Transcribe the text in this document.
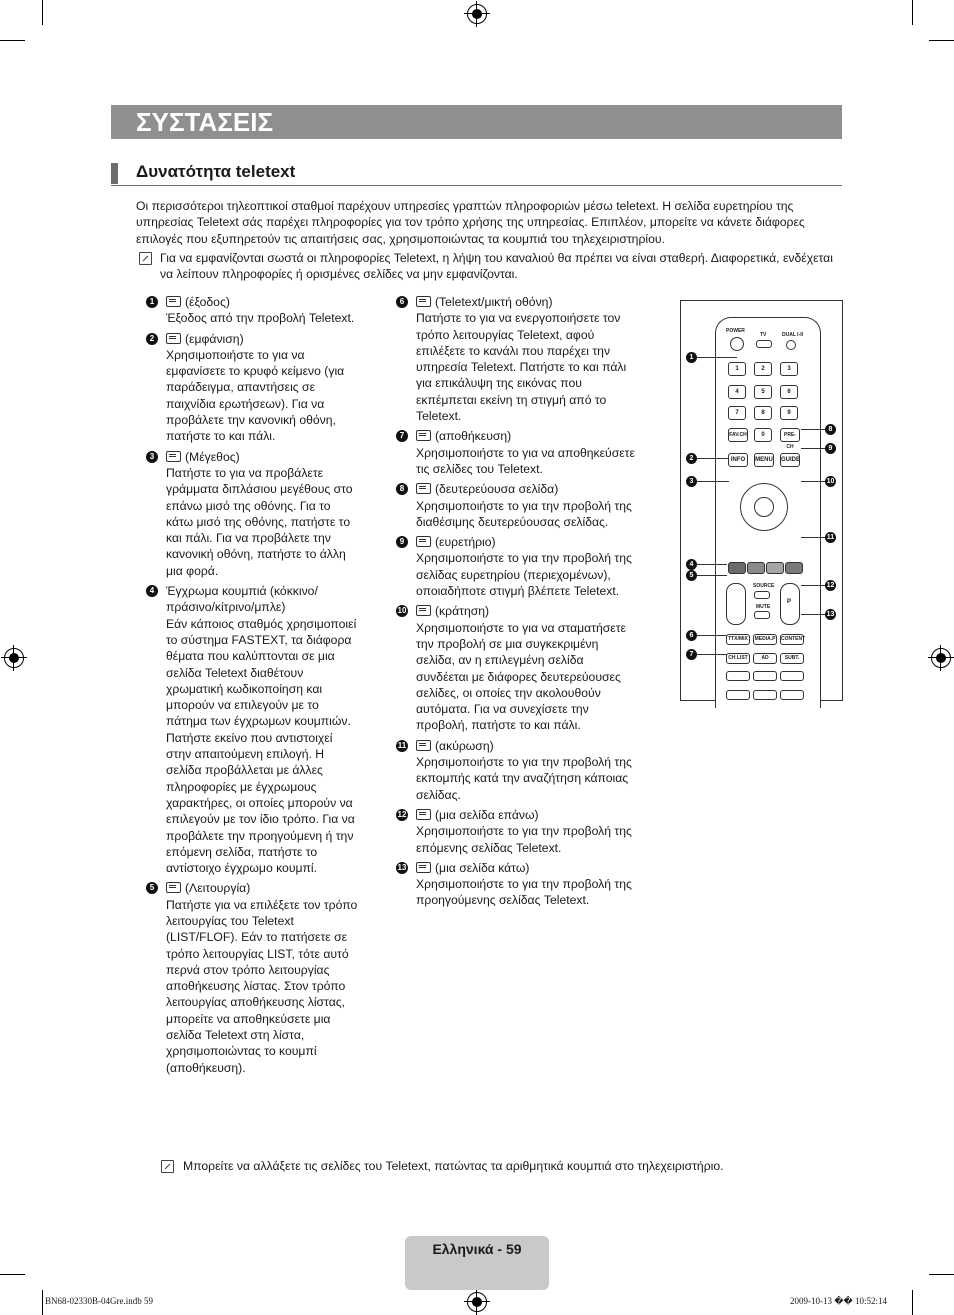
ΣΥΣΤΑΣΕΙΣ
Δυνατότητα teletext
Οι περισσότεροι τηλεοπτικοί σταθμοί παρέχουν υπηρεσίες γραπτών πληροφοριών μέσω teletext. Η σελίδα ευρετηρίου της υπηρεσίας Teletext σάς παρέχει πληροφορίες για τον τρόπο χρήσης της υπηρεσίας. Επιπλέον, μπορείτε να κάνετε διάφορες επιλογές που εξυπηρετούν τις απαιτήσεις σας, χρησιμοποιώντας τα κουμπιά του τηλεχειριστηρίου.
Για να εμφανίζονται σωστά οι πληροφορίες Teletext, η λήψη του καναλιού θα πρέπει να είναι σταθερή. Διαφορετικά, ενδέχεται να λείπουν πληροφορίες ή ορισμένες σελίδες να μην εμφανίζονται.
1	(έξοδος)
Έξοδος από την προβολή Teletext.
2	(εμφάνιση)
Χρησιμοποιήστε το για να εμφανίσετε το κρυφό κείμενο (για παράδειγμα, απαντήσεις σε παιχνίδια ερωτήσεων). Για να προβάλετε την κανονική οθόνη, πατήστε το και πάλι.
3	(Μέγεθος)
Πατήστε το για να προβάλετε γράμματα διπλάσιου μεγέθους στο επάνω μισό της οθόνης. Για το κάτω μισό της οθόνης, πατήστε το και πάλι. Για να προβάλετε την κανονική οθόνη, πατήστε το άλλη μια φορά.
4 Έγχρωμα κουμπιά (κόκκινο/πράσινο/κίτρινο/μπλε)
Εάν κάποιος σταθμός χρησιμοποιεί το σύστημα FASTEXT, τα διάφορα θέματα που καλύπτονται σε μια σελίδα Teletext διαθέτουν χρωματική κωδικοποίηση και μπορούν να επιλεγούν με το πάτημα των έγχρωμων κουμπιών. Πατήστε εκείνο που αντιστοιχεί στην απαιτούμενη επιλογή. Η σελίδα προβάλλεται με άλλες πληροφορίες με έγχρωμους χαρακτήρες, οι οποίες μπορούν να επιλεγούν με τον ίδιο τρόπο. Για να προβάλετε την προηγούμενη ή την επόμενη σελίδα, πατήστε το αντίστοιχο έγχρωμο κουμπί.
5	(Λειτουργία)
Πατήστε για να επιλέξετε τον τρόπο λειτουργίας του Teletext (LIST/FLOF). Εάν το πατήσετε σε τρόπο λειτουργίας LIST, τότε αυτό περνά στον τρόπο λειτουργίας αποθήκευσης λίστας. Στον τρόπο λειτουργίας αποθήκευσης λίστας, μπορείτε να αποθηκεύσετε μια σελίδα Teletext στη λίστα, χρησιμοποιώντας το κουμπί (αποθήκευση).
6	(Teletext/μικτή οθόνη)
Πατήστε το για να ενεργοποιήσετε τον τρόπο λειτουργίας Teletext, αφού επιλέξετε το κανάλι που παρέχει την υπηρεσία Teletext. Πατήστε το και πάλι για επικάλυψη της εικόνας που εκπέμπεται εκείνη τη στιγμή από το Teletext.
7	(αποθήκευση)
Χρησιμοποιήστε το για να αποθηκεύσετε τις σελίδες του Teletext.
8	(δευτερεύουσα σελίδα)
Χρησιμοποιήστε το για την προβολή της διαθέσιμης δευτερεύουσας σελίδας.
9	(ευρετήριο)
Χρησιμοποιήστε το για την προβολή της σελίδας ευρετηρίου (περιεχομένων), οποιαδήποτε στιγμή βλέπετε Teletext.
10	(κράτηση)
Χρησιμοποιήστε το για να σταματήσετε την προβολή σε μια συγκεκριμένη σελίδα, αν η επιλεγμένη σελίδα συνδέεται με διάφορες δευτερεύουσες σελίδες, οι οποίες την ακολουθούν αυτόματα. Για να συνεχίσετε την προβολή, πατήστε το και πάλι.
11	(ακύρωση)
Χρησιμοποιήστε το για την προβολή της εκπομπής κατά την αναζήτηση κάποιας σελίδας.
12	(μια σελίδα επάνω)
Χρησιμοποιήστε το για την προβολή της επόμενης σελίδας Teletext.
13	(μια σελίδα κάτω)
Χρησιμοποιήστε το για την προβολή της προηγούμενης σελίδας Teletext.
POWER
TV	DUAL I-II
1	2	3
4	5	6
7	8	9
FAV.CH	0	PRE-CH
INFO	MENU GUIDE
SOURCE
MUTE
P
TTX/MIX	MEDIA.P	CONTENT
CH LIST	AD	SUBT.
1
2
3
4
5
6
7
8
9
10
11
12
13
Μπορείτε να αλλάξετε τις σελίδες του Teletext, πατώντας τα αριθμητικά κουμπιά στο τηλεχειριστήριο.
Ελληνικά - 59
BN68-02330B-04Gre.indb 59	2009-10-13 �� 10:52:14
